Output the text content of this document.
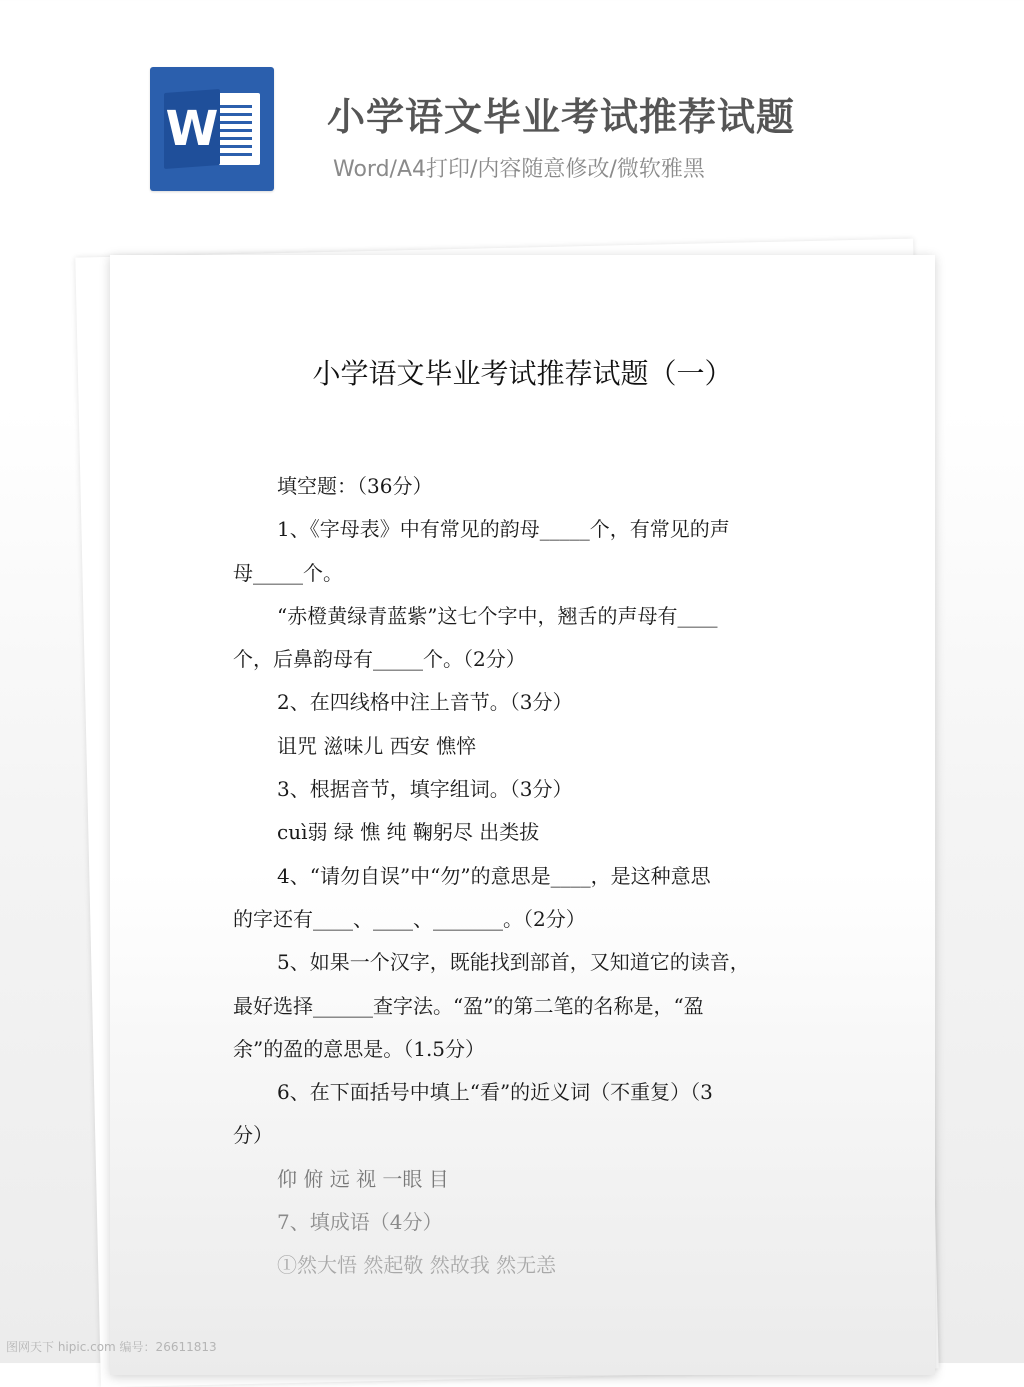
W	小学语文毕业考试推荐试题
Word/A4打印/内容随意修改/微软雅黑
小学语文毕业考试推荐试题（一）
填空题：（36分）
1、《字母表》中有常见的韵母_____个，有常见的声
母_____个。
“赤橙黄绿青蓝紫”这七个字中，翘舌的声母有____
个，后鼻韵母有_____个。（2分）
2、在四线格中注上音节。（3分）
诅咒 滋味儿 西安 憔悴
3、根据音节，填字组词。（3分）
cuì弱 绿 憔 纯 鞠躬尽 出类拔
4、“请勿自误”中“勿”的意思是____，是这种意思
的字还有____、____、_______。（2分）
5、如果一个汉字，既能找到部首，又知道它的读音，
最好选择______查字法。“盈”的第二笔的名称是，“盈
余”的盈的意思是。（1.5分）
6、在下面括号中填上“看”的近义词（不重复）（3
分）
仰 俯 远 视 一眼 目
7、填成语（4分）
①然大悟 然起敬 然故我 然无恙
图网天下 hipic.com 编号：26611813
